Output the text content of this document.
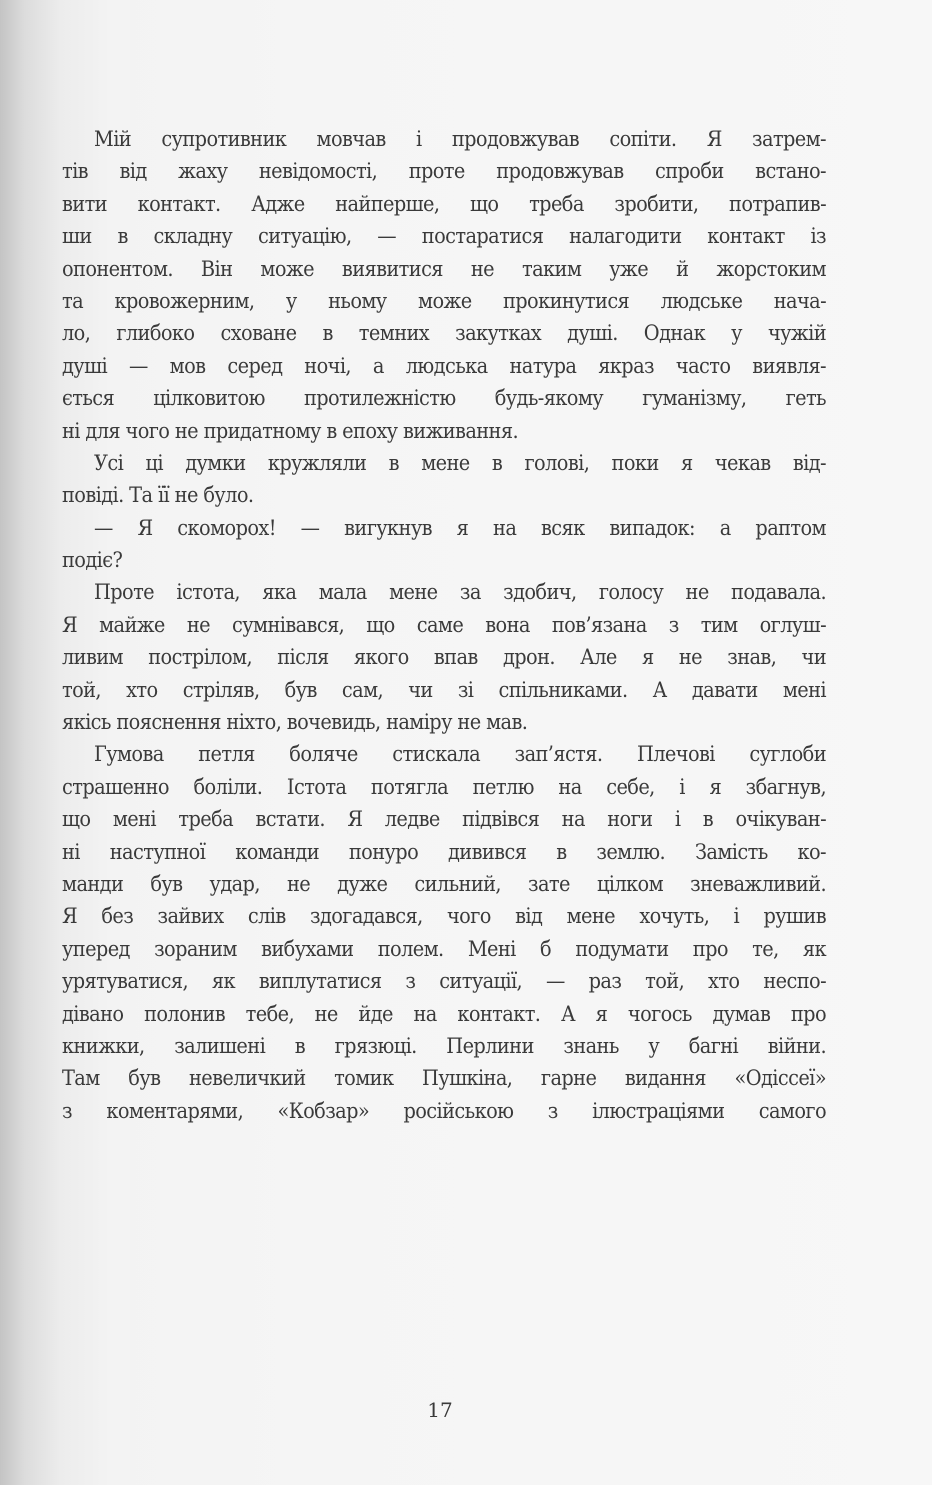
Мій супротивник мовчав і продовжував сопіти. Я затрем-
тів від жаху невідомості, проте продовжував спроби встано-
вити контакт. Адже найперше, що треба зробити, потрапив-
ши в складну ситуацію, — постаратися налагодити контакт із
опонентом. Він може виявитися не таким уже й жорстоким
та кровожерним, у ньому може прокинутися людське нача-
ло, глибоко сховане в темних закутках душі. Однак у чужій
душі — мов серед ночі, а людська натура якраз часто виявля-
ється цілковитою протилежністю будь-якому гуманізму, геть
ні для чого не придатному в епоху виживання.
Усі ці думки кружляли в мене в голові, поки я чекав від-
повіді. Та її не було.
— Я скоморох! — вигукнув я на всяк випадок: а раптом
подіє?
Проте істота, яка мала мене за здобич, голосу не подавала.
Я майже не сумнівався, що саме вона пов’язана з тим оглуш-
ливим пострілом, після якого впав дрон. Але я не знав, чи
той, хто стріляв, був сам, чи зі спільниками. А давати мені
якісь пояснення ніхто, вочевидь, наміру не мав.
Гумова петля боляче стискала зап’ястя. Плечові суглоби
страшенно боліли. Істота потягла петлю на себе, і я збагнув,
що мені треба встати. Я ледве підвівся на ноги і в очікуван-
ні наступної команди понуро дивився в землю. Замість ко-
манди був удар, не дуже сильний, зате цілком зневажливий.
Я без зайвих слів здогадався, чого від мене хочуть, і рушив
уперед зораним вибухами полем. Мені б подумати про те, як
урятуватися, як виплутатися з ситуації, — раз той, хто неспо-
дівано полонив тебе, не йде на контакт. А я чогось думав про
книжки, залишені в грязюці. Перлини знань у багні війни.
Там був невеличкий томик Пушкіна, гарне видання «Одіссеї»
з коментарями, «Кобзар» російською з ілюстраціями самого
17
